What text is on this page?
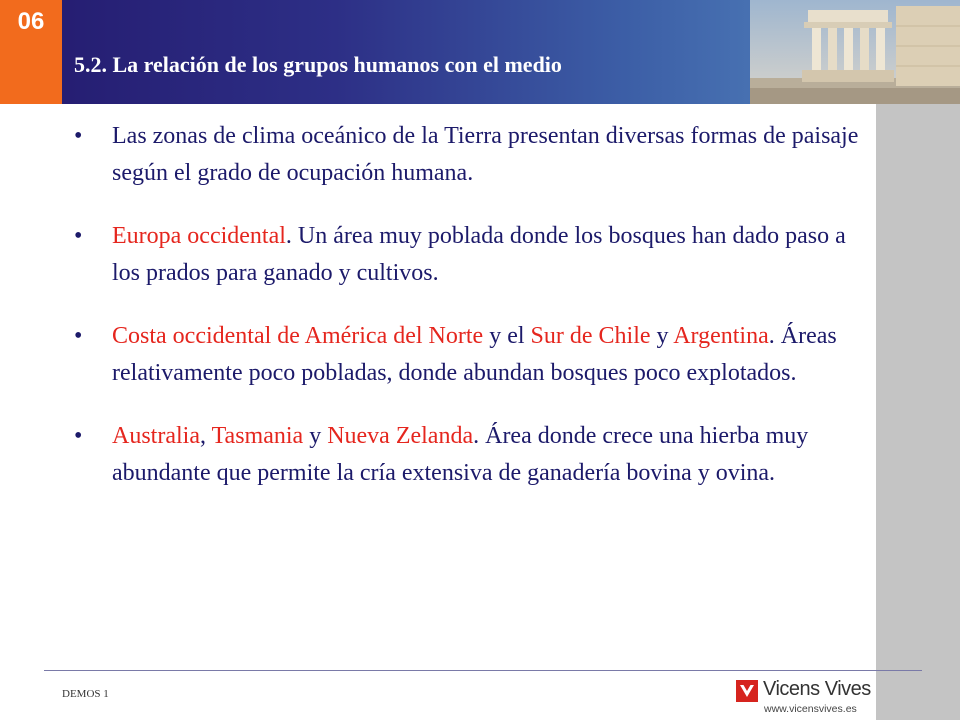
06
5.2. La relación de los grupos humanos con el medio
• Las zonas de clima oceánico de la Tierra presentan diversas formas de paisaje según el grado de ocupación humana.
• Europa occidental. Un área muy poblada donde los bosques han dado paso a los prados para ganado y cultivos.
• Costa occidental de América del Norte y el Sur de Chile y Argentina. Áreas relativamente poco pobladas, donde abundan bosques poco explotados.
• Australia, Tasmania y Nueva Zelanda. Área donde crece una hierba muy abundante que permite la cría extensiva de ganadería bovina y ovina.
DEMOS 1	Vicens Vives
www.vicensvives.es
